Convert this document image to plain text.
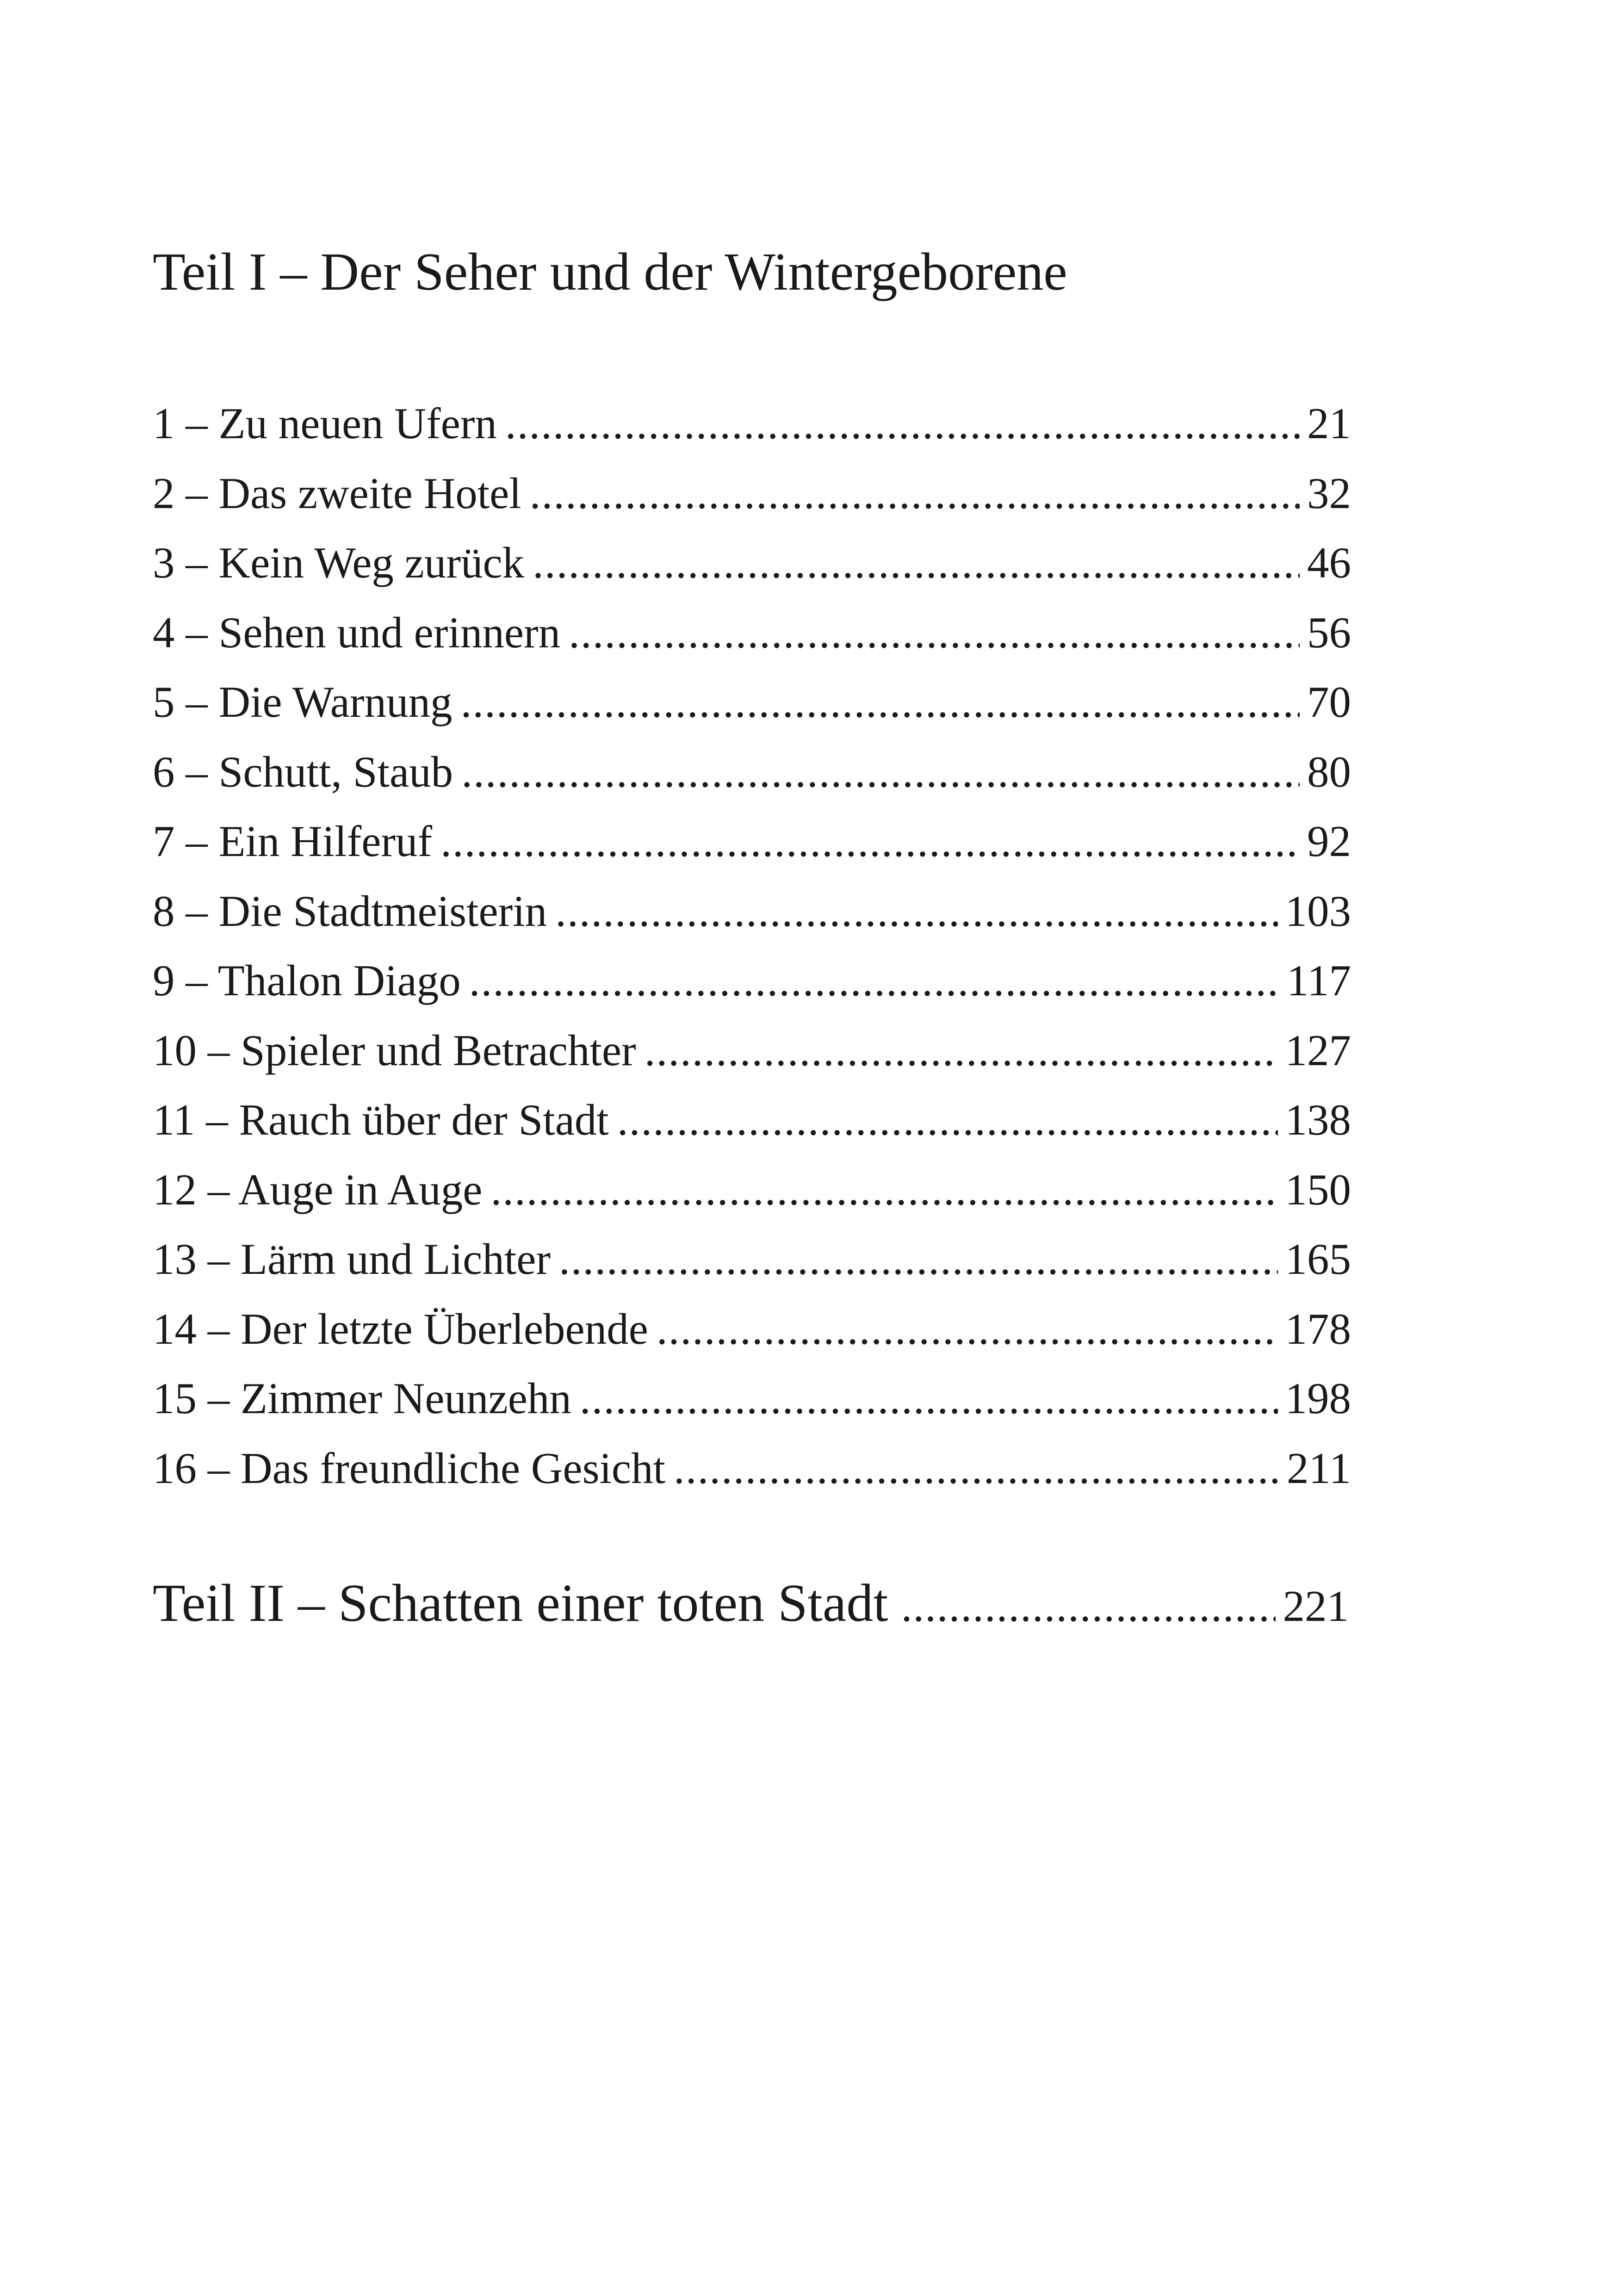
Teil I – Der Seher und der Wintergeborene
1 – Zu neuen Ufern .....	21
2 – Das zweite Hotel .....	32
3 – Kein Weg zurück .....	46
4 – Sehen und erinnern .....	56
5 – Die Warnung .....	70
6 – Schutt, Staub .....	80
7 – Ein Hilferuf .....	92
8 – Die Stadtmeisterin .....	103
9 – Thalon Diago .....	117
10 – Spieler und Betrachter .....	127
11 – Rauch über der Stadt .....	138
12 – Auge in Auge .....	150
13 – Lärm und Lichter .....	165
14 – Der letzte Überlebende .....	178
15 – Zimmer Neunzehn .....	198
16 – Das freundliche Gesicht .....	211
Teil II – Schatten einer toten Stadt .....	221
